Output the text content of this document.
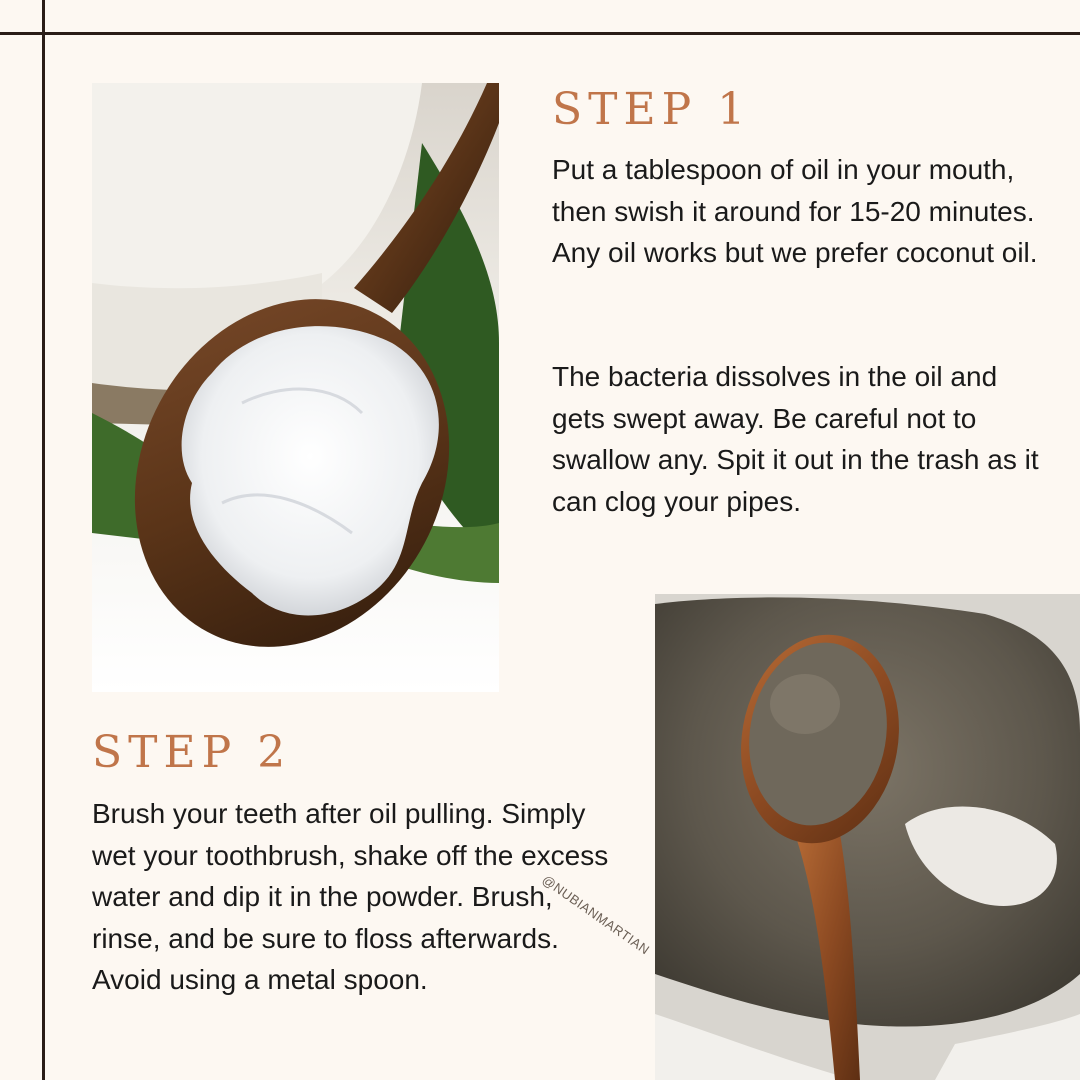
STEP 1

Put a tablespoon of oil in your mouth, then swish it around for 15-20 minutes. Any oil works but we prefer coconut oil.

The bacteria dissolves in the oil and gets swept away. Be careful not to swallow any. Spit it out in the trash as it can clog your pipes.

STEP 2

Brush your teeth after oil pulling. Simply wet your toothbrush, shake off the excess water and dip it in the powder. Brush, rinse, and be sure to floss afterwards. Avoid using a metal spoon.

@NUBIANMARTIAN
